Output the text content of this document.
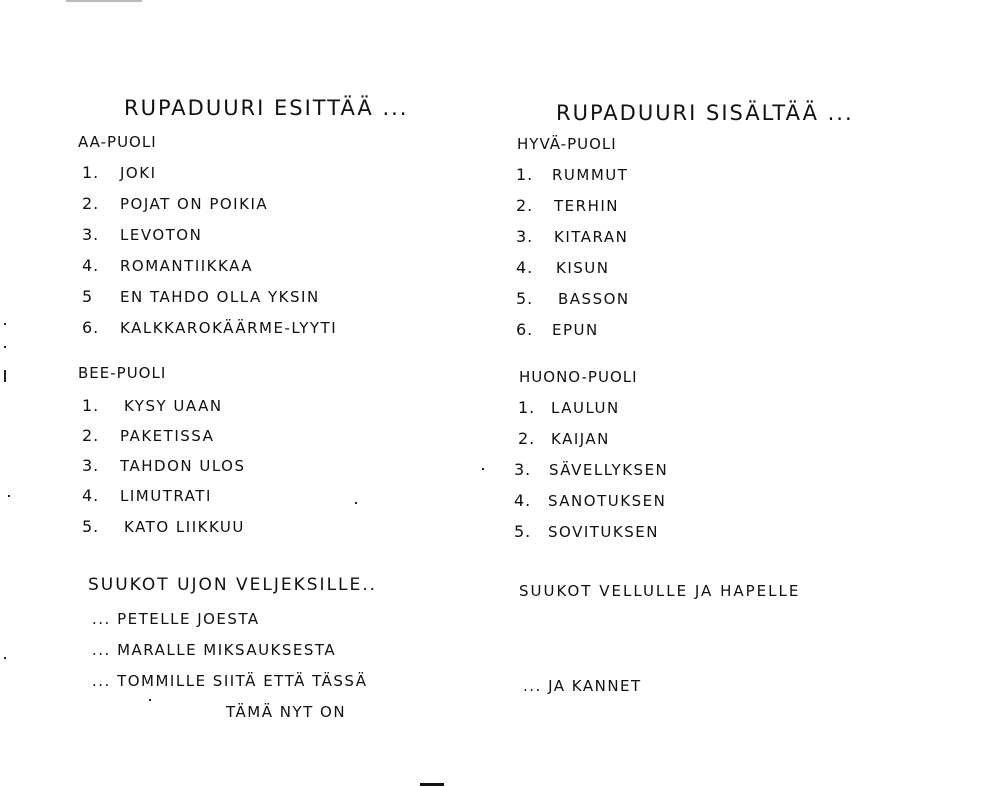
RUPADUURI ESITTÄÄ ...
AA-PUOLI
1.	JOKI
2.	POJAT ON POIKIA
3.	LEVOTON
4.	ROMANTIIKKAA
5	EN TAHDO OLLA YKSIN
6.	KALKKAROKÄÄRME-LYYTI
BEE-PUOLI
1.	KYSY UAAN
2.	PAKETISSA
3.	TAHDON ULOS
4.	LIMUTRATI
5.	KATO LIIKKUU
SUUKOT UJON VELJEKSILLE..
... PETELLE JOESTA
... MARALLE MIKSAUKSESTA
... TOMMILLE SIITÄ ETTÄ TÄSSÄ
TÄMÄ NYT ON
RUPADUURI SISÄLTÄÄ ...
HYVÄ-PUOLI
1.	RUMMUT
2.	TERHIN
3.	KITARAN
4.	KISUN
5.	BASSON
6.	EPUN
HUONO-PUOLI
1.	LAULUN
2.	KAIJAN
3.	SÄVELLYKSEN
4.	SANOTUKSEN
5.	SOVITUKSEN
SUUKOT VELLULLE JA HAPELLE
... JA KANNET
